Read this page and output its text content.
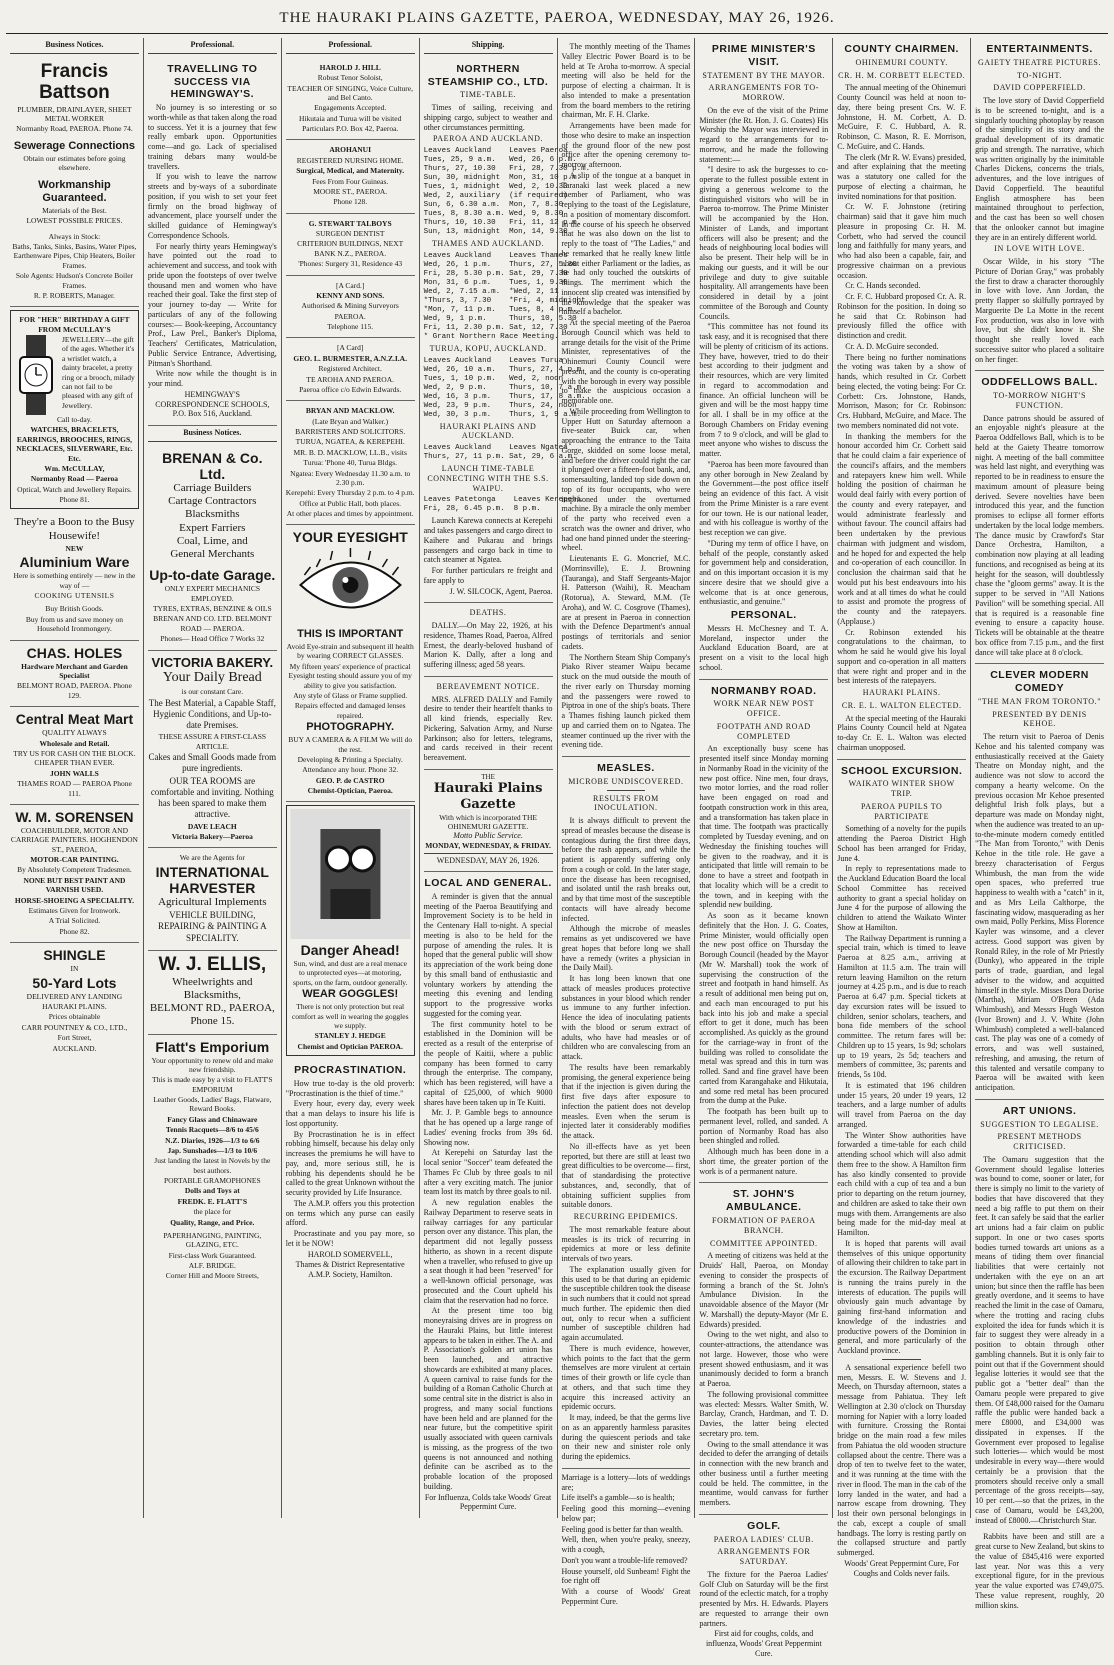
THE HAURAKI PLAINS GAZETTE, PAEROA, WEDNESDAY, MAY 26, 1926.
Business Notices.
Francis Battson

PLUMBER, DRAINLAYER, SHEET METAL WORKER

Normanby Road, PAEROA. Phone 74.

Sewerage Connections

Obtain our estimates before going elsewhere.

Workmanship Guaranteed.

Materials of the Best.

LOWEST POSSIBLE PRICES.

Always in Stock:

Baths, Tanks, Sinks, Basins, Water Pipes, Earthenware Pipes, Chip Heaters, Boiler Frames.

Sole Agents: Hudson's Concrete Boiler Frames.

R. P. ROBERTS, Manager.

FOR "HER" BIRTHDAY A GIFT FROM McCULLAY'S

JEWELLERY—the gift of the ages. Whether it's a wristlet watch, a dainty bracelet, a pretty ring or a brooch, milady can not fail to be pleased with any gift of Jewellery.

Call to-day.

WATCHES, BRACELETS, EARRINGS, BROOCHES, RINGS, NECKLACES, SILVERWARE, Etc. Etc.

Wm. McCULLAY,

Normanby Road — Paeroa

Optical, Watch and Jewellery Repairs.

Phone 81.

They're a Boon to the Busy Housewife!

NEW

Aluminium Ware

Here is something entirely — new in the way of —

COOKING UTENSILS

Buy British Goods.

Buy from us and save money on Household Ironmongery.

CHAS. HOLES

Hardware Merchant and Garden Specialist

BELMONT ROAD, PAEROA. Phone 129.

Central Meat Mart

QUALITY ALWAYS

Wholesale and Retail.

TRY US FOR CASH ON THE BLOCK. CHEAPER THAN EVER.

JOHN WALLS

THAMES ROAD — PAEROA Phone 111.

W. M. SORENSEN

COACHBUILDER, MOTOR AND CARRIAGE PAINTERS. HOGHENDON ST., PAEROA,

MOTOR-CAR PAINTING.

By Absolutely Competent Tradesmen.

NONE BUT BEST PAINT AND VARNISH USED.

HORSE-SHOEING A SPECIALITY.

Estimates Given for Ironwork.

A Trial Solicited.

Phone 82.

SHINGLE

IN

50-Yard Lots

DELIVERED ANY LANDING

HAURAKI PLAINS.

Prices obtainable

CARR POUNTNEY & CO., LTD.,

Fort Street,

AUCKLAND.

Professional.
TRAVELLING TO SUCCESS VIA HEMINGWAY'S.

No journey is so interesting or so worth-while as that taken along the road to success. Yet it is a journey that few really embark upon. Opportunities come—and go. Lack of specialised training debars many would-be travellers.

If you wish to leave the narrow streets and by-ways of a subordinate position, if you wish to set your feet firmly on the broad highway of advancement, place yourself under the skilled guidance of Hemingway's Correspondence Schools.

For nearly thirty years Hemingway's have pointed out the road to achievement and success, and took with pride upon the footsteps of over twelve thousand men and women who have reached their goal. Take the first step of your journey to-day — Write for particulars of any of the following courses:— Book-keeping, Accountancy Prof., Law Prel., Banker's Diploma, Teachers' Certificates, Matriculation, Public Service Entrance, Advertising, Pitman's Shorthand.

Write now while the thought is in your mind.

HEMINGWAY'S CORRESPONDENCE SCHOOLS, P.O. Box 516, Auckland.

Business Notices.
BRENAN & Co. Ltd.
Carriage Builders
Cartage Contractors
Blacksmiths
Expert Farriers
Coal, Lime, and
General Merchants
Up-to-date Garage.

ONLY EXPERT MECHANICS EMPLOYED.

TYRES, EXTRAS, BENZINE & OILS

BRENAN AND CO. LTD. BELMONT ROAD — PAEROA.

Phones— Head Office 7 Works 32

VICTORIA BAKERY.
Your Daily Bread

is our constant Care.

The Best Material, a Capable Staff, Hygienic Conditions, and Up-to-date Premises.

THESE ASSURE A FIRST-CLASS ARTICLE.

Cakes and Small Goods made from pure ingredients.

OUR TEA ROOMS are comfortable and inviting. Nothing has been spared to make them attractive.

DAVE LEACH

Victoria Bakery—Paeroa

We are the Agents for

INTERNATIONAL HARVESTER
Agricultural Implements

VEHICLE BUILDING, REPAIRING & PAINTING A SPECIALITY.

W. J. ELLIS,
Wheelwrights and Blacksmiths,
BELMONT RD., PAEROA,
Phone 15.
Flatt's Emporium

Your opportunity to renew old and make new friendship.

This is made easy by a visit to FLATT'S EMPORIUM

Leather Goods, Ladies' Bags, Flatware, Reward Books.

Fancy Glass and Chinaware

Tennis Racquets—8/6 to 45/6

N.Z. Diaries, 1926—1/3 to 6/6

Jap. Sunshades—1/3 to 10/6

Just landing the latest in Novels by the best authors.

PORTABLE GRAMOPHONES

Dolls and Toys at

FREDK. E. FLATT'S

the place for

Quality, Range, and Price.

PAPERHANGING, PAINTING, GLAZING, ETC.

First-class Work Guaranteed.

ALF. BRIDGE.

Corner Hill and Moore Streets,

Professional.

HAROLD J. HILL

Robust Tenor Soloist,

TEACHER OF SINGING, Voice Culture, and Bel Canto.

Engagements Accepted.

Hikutaia and Turua will be visited

Particulars P.O. Box 42, Paeroa.

AROHANUI

REGISTERED NURSING HOME.

Surgical, Medical, and Maternity.

Fees From Four Guineas.

MOORE ST., PAEROA.

Phone 128.

G. STEWART TALBOYS

SURGEON DENTIST

CRITERION BUILDINGS, NEXT BANK N.Z., PAEROA.

'Phones: Surgery 31, Residence 43

[A Card.]

KENNY AND SONS.

Authorised & Mining Surveyors

PAEROA.

Telephone 115.

[A Card]

GEO. L. BURMESTER, A.N.Z.I.A.

Registered Architect.

TE AROHA AND PAEROA.

Paeroa office c/o Edwin Edwards.

BRYAN AND MACKLOW.

(Late Bryan and Walker.)

BARRISTERS AND SOLICITORS.

TURUA, NGATEA, & KEREPEHI.

MR. B. D. MACKLOW, LL.B., visits

Turua: 'Phone 40, Turua Bldgs.

Ngatea: Every Wednesday 11.30 a.m. to 2.30 p.m.

Kerepehi: Every Thursday 2 p.m. to 4 p.m.

Office at Public Hall, both places.

At other places and times by appointment.

YOUR EYESIGHT
THIS IS IMPORTANT

Avoid Eye-strain and subsequent ill health by wearing CORRECT GLASSES.

My fifteen years' experience of practical Eyesight testing should assure you of my ability to give you satisfaction.

Any style of Glass or Frame supplied.

Repairs effected and damaged lenses repaired.

PHOTOGRAPHY.

BUY A CAMERA & A FILM We will do the rest.

Developing & Printing a Specialty.

Attendance any hour. Phone 32.

GEO. P. de CASTRO

Chemist-Optician, Paeroa.

Danger Ahead!

Sun, wind, and dust are a real menace to unprotected eyes—at motoring, sports, on the farm, outdoor generally.

WEAR GOGGLES!

There is not only protection but real comfort as well in wearing the goggles we supply.

STANLEY J. HEDGE

Chemist and Optician PAEROA.

PROCRASTINATION.

How true to-day is the old proverb: "Procrastination is the thief of time."

Every hour, every day, every week that a man delays to insure his life is lost opportunity.

By Procrastination he is in effect robbing himself, because his delay only increases the premiums he will have to pay, and, more serious still, he is robbing his dependents should he be called to the great Unknown without the security provided by Life Insurance.

The A.M.P. offers you this protection on terms which any purse can easily afford.

Procrastinate and you pay more, so let it be NOW!

HAROLD SOMERVELL,

Thames & District Representative A.M.P. Society, Hamilton.

Shipping.
NORTHERN STEAMSHIP CO., LTD.
TIME-TABLE.

Times of sailing, receiving and shipping cargo, subject to weather and other circumstances permitting.

PAEROA AND AUCKLAND.
Leaves Auckland    Leaves Paeroa
Tues, 25, 9 a.m.   Wed, 26, 6 p.m.
Thurs, 27, 10.30   Fri, 28, 7.30 p.m.
Sun, 30, midnight  Mon, 31, 10 p.m.
Tues, 1, midnight  Wed, 2, 10.30
Wed, 2, auxiliary  (if required)
Sun, 6, 6.30 a.m.  Mon, 7, 8.30
Tues, 8, 8.30 a.m. Wed, 9, 8.30
Thurs, 10, 10.30   Fri, 11, 12 p.m.
Sun, 13, midnight  Mon, 14, 9.30
THAMES AND AUCKLAND.
Leaves Auckland    Leaves Thames
Wed, 26, 1 p.m.    Thurs, 27, 5.30
Fri, 28, 5.30 p.m. Sat, 29, 7.30
Mon, 31, 6 p.m.    Tues, 1, 9.30
Wed, 2, 7.15 a.m.  *Wed, 2, 11
*Thurs, 3, 7.30    *Fri, 4, midnight
*Mon, 7, 11 p.m.   Tues, 8, 4 p.m.
Wed, 9, 1 p.m.     Thurs, 10, 5.30
Fri, 11, 2.30 p.m. Sat, 12, 7.30
* Grant Northern Race Meeting.
TURUA, KOPU, AUCKLAND.
Leaves Auckland    Leaves Turua
Wed, 26, 10 a.m.   Thurs, 27, 4 p.m.
Tues, 1, 10 p.m.   Wed, 2, noon
Wed, 2, 9 p.m.     Thurs, 10, 7 a.m.
Wed, 16, 3 p.m.    Thurs, 17, 8 a.m.
Wed, 23, 9 p.m.    Thurs, 24, noon
Wed, 30, 3 p.m.    Thurs, 1, 9 a.m.
HAURAKI PLAINS AND AUCKLAND.
Leaves Auckland    Leaves Ngatea
Thurs, 27, 11 p.m. Sat, 29, 6 a.m.
LAUNCH TIME-TABLE CONNECTING WITH THE S.S. WAIPU.
Leaves Patetonga    Leaves Kerepehi
Fri, 28, 6.45 p.m.  8 p.m.

Launch Karewa connects at Kerepehi and takes passengers and cargo direct to Kaihere and Pukarau and brings passengers and cargo back in time to catch steamer at Ngatea.

For further particulars re freight and fare apply to

J. W. SILCOCK, Agent, Paeroa.

DEATHS.

DALLY.—On May 22, 1926, at his residence, Thames Road, Paeroa, Alfred Ernest, the dearly-beloved husband of Marion K. Dally, after a long and suffering illness; aged 58 years.

BEREAVEMENT NOTICE.

MRS. ALFRED DALLY and Family desire to tender their heartfelt thanks to all kind friends, especially Rev. Pickering, Salvation Army, and Nurse Parkinson; also for letters, telegrams, and cards received in their recent bereavement.

THE
Hauraki Plains Gazette
With which is incorporated THE OHINEMURI GAZETTE.
Motto Public Service.
MONDAY, WEDNESDAY, & FRIDAY.
WEDNESDAY, MAY 26, 1926.
LOCAL AND GENERAL.

A reminder is given that the annual meeting of the Paeroa Beautifying and Improvement Society is to be held in the Centenary Hall to-night. A special meeting is also to be held for the purpose of amending the rules. It is hoped that the general public will show its appreciation of the work being done by this small band of enthusiastic and voluntary workers by attending the meeting this evening and lending support to the progressive works suggested for the coming year.

The first community hotel to be established in the Dominion will be erected as a result of the enterprise of the people of Kaitii, where a public company has been formed to carry through the enterprise. The company, which has been registered, will have a capital of £25,000, of which 9000 shares have been taken up in Te Kuiti.

Mr. J. P. Gamble begs to announce that he has opened up a large range of Ladies' evening frocks from 39s 6d. Showing now.

At Kerepehi on Saturday last the local senior "Soccer" team defeated the Thames Fc Club by three goals to nil after a very exciting match. The junior team lost its match by three goals to nil.

A new regulation enables the Railway Department to reserve seats in railway carriages for any particular person over any distance. This plan, the department did not legally possess hitherto, as shown in a recent dispute when a traveller, who refused to give up a seat though it had been "reserved" for a well-known official personage, was prosecuted and the Court upheld his claim that the reservation had no force.

At the present time too big moneyraising drives are in progress on the Hauraki Plains, but little interest appears to be taken in either. The A. and P. Association's golden art union has been launched, and attractive showcards are exhibited at many places. A queen carnival to raise funds for the building of a Roman Catholic Church at some central site in the district is also in progress, and many social functions have been held and are planned for the near future, but the competitive spirit usually associated with queen carnivals is missing, as the progress of the two queens is not announced and nothing definite can be ascribed as to the probable location of the proposed building.

For Influenza, Colds take Woods' Great Peppermint Cure.

The monthly meeting of the Thames Valley Electric Power Board is to be held at Te Aroha to-morrow. A special meeting will also be held for the purpose of electing a chairman. It is also intended to make a presentation from the board members to the retiring chairman, Mr. F. H. Clarke.

Arrangements have been made for those who desire to make an inspection of the ground floor of the new post office after the opening ceremony to-morrow afternoon.

A slip of the tongue at a banquet in Taranaki last week placed a new member of Parliament, who was replying to the toast of the Legislature, in a position of momentary discomfort. In the course of his speech he observed that he was also down on the list to reply to the toast of "The Ladies," and he remarked that he really knew little about either Parliament or the ladies, as he had only touched the outskirts of things. The merriment which the innocent slip created was intensified by the knowledge that the speaker was himself a bachelor.

At the special meeting of the Paeroa Borough Council which was held to arrange details for the visit of the Prime Minister, representatives of the Ohinemuri County Council were present, and the county is co-operating with the borough in every way possible to make the auspicious occasion a memorable one.

While proceeding from Wellington to Upper Hutt on Saturday afternoon a five-seater Buick car, when approaching the entrance to the Taita Gorge, skidded on some loose metal, and before the driver could right the car it plunged over a fifteen-foot bank, and, somersaulting, landed top side down on top of its four occupants, who were imprisoned under the overturned machine. By a miracle the only member of the party who received even a scratch was the owner and driver, who had one hand pinned under the steering-wheel.

Lieutenants E. G. Moncrief, M.C. (Morrinsville), E. J. Browning (Tauranga), and Staff Sergeants-Major H. Patterson (Waihi), R. Meacham (Rotorua), A. Steward, M.M. (Te Aroha), and W. C. Cosgrove (Thames), are at present in Paeroa in connection with the Defence Department's annual postings of territorials and senior cadets.

The Northern Steam Ship Company's Piako River steamer Waipu became stuck on the mud outside the mouth of the river early on Thursday morning and the passengers were rowed to Piptroa in one of the ship's boats. There a Thames fishing launch picked them up and carried them on to Ngatea. The steamer continued up the river with the evening tide.

MEASLES.
MICROBE UNDISCOVERED.
RESULTS FROM INOCULATION.

It is always difficult to prevent the spread of measles because the disease is contagious during the first three days, before the rash appears, and while the patient is apparently suffering only from a cough or cold. In the later stage, once the disease has been recognised, and isolated until the rash breaks out, and by that time most of the susceptible contacts will have already become infected.

Although the microbe of measles remains as yet undiscovered we have great hopes that before long we shall have a remedy (writes a physician in the Daily Mail).

It has long been known that one attack of measles produces protective substances in your blood which render us immune to any further infection. Hence the idea of inoculating patients with the blood or serum extract of adults, who have had measles or of children who are convalescing from an attack.

The results have been remarkably promising, the general experience being that if the injection is given during the first five days after exposure to infection the patient does not develop measles. Even when the serum is injected later it considerably modifies the attack.

No ill-effects have as yet been reported, but there are still at least two great difficulties to be overcome— first, that of standardising the protective substances, and, secondly, that of obtaining sufficient supplies from suitable donors.

RECURRING EPIDEMICS.

The most remarkable feature about measles is its trick of recurring in epidemics at more or less definite intervals of two years.

The explanation usually given for this used to be that during an epidemic the susceptible children took the disease in such numbers that it could not spread much further. The epidemic then died out, only to recur when a sufficient number of susceptible children had again accumulated.

There is much evidence, however, which points to the fact that the germ themselves are more virulent at certain times of their growth or life cycle than at others, and that such time they acquire this increased activity an epidemic occurs.

It may, indeed, be that the germs live on as an apparently harmless parasites during the quiescent periods and take on their new and sinister role only during the epidemics.

Marriage is a lottery—lots of weddings are;

Life itself's a gamble—so is health;

Feeling good this morning—evening below par;

Feeling good is better far than wealth.

Well, then, when you're peaky, sneezy, with a cough,

Don't you want a trouble-life removed?

House yourself, old Sunbeam! Fight the foe right off

With a course of Woods' Great Peppermint Cure.

PRIME MINISTER'S VISIT.
STATEMENT BY THE MAYOR.
ARRANGEMENTS FOR TO-MORROW.

On the eve of the visit of the Prime Minister (the Rt. Hon. J. G. Coates) His Worship the Mayor was interviewed in regard to the arrangements for to-morrow, and he made the following statement:—

"I desire to ask the burgesses to co-operate to the fullest possible extent in giving a generous welcome to the distinguished visitors who will be in Paeroa to-morrow. The Prime Minister will be accompanied by the Hon. Minister of Lands, and important officers will also be present; and the heads of neighbouring local bodies will also be present. Their help will be in making our guests, and it will be our privilege and duty to give suitable hospitality. All arrangements have been considered in detail by a joint committee of the Borough and County Councils.

"This committee has not found its task easy, and it is recognised that there will be plenty of criticism of its actions. They have, however, tried to do their best according to their judgment and their resources, which are very limited in regard to accommodation and finance. An official luncheon will be given and will be the most happy time for all. I shall be in my office at the Borough Chambers on Friday evening from 7 to 9 o'clock, and will be glad to meet anyone who wishes to discuss the matter.

"Paeroa has been more favoured than any other borough in New Zealand by the Government—the post office itself being an evidence of this fact. A visit from the Prime Minister is a rare event for our town. He is our national leader, and with his colleague is worthy of the best reception we can give.

"During my term of office I have, on behalf of the people, constantly asked for government help and consideration, and on this important occasion it is my sincere desire that we should give a welcome that is at once generous, enthusiastic, and genuine."

PERSONAL.

Messrs H. McChesney and T. A. Moreland, inspector under the Auckland Education Board, are at present on a visit to the local high school.

NORMANBY ROAD.
WORK NEAR NEW POST OFFICE.
FOOTPATH AND ROAD COMPLETED

An exceptionally busy scene has presented itself since Monday morning in Normanby Road in the vicinity of the new post office. Nine men, four drays, two motor lorries, and the road roller have been engaged on road and footpath construction work in this area, and a transformation has taken place in that time. The footpath was practically completed by Tuesday evening, and on Wednesday the finishing touches will be given to the roadway, and it is anticipated that little will remain to be done to have a street and footpath in that locality which will be a credit to the town, and in keeping with the splendid new building.

As soon as it became known definitely that the Hon. J. G. Coates, Prime Minister, would officially open the new post office on Thursday the Borough Council (headed by the Mayor (Mr W. Marshall) took the work of supervising the construction of the street and footpath in hand himself. As a result of additional men being put on, and each man encouraged to put his back into his job and make a special effort to get it done, much has been accomplished. As quickly as the ground for the carriage-way in front of the building was rolled to consolidate the metal was spread and this in turn was rolled. Sand and fine gravel have been carted from Karangahake and Hikutaia, and some red metal has been procured from the dump at the Puke.

The footpath has been built up to permanent level, rolled, and sanded. A portion of Normanby Road has also been shingled and rolled.

Although much has been done in a short time, the greater portion of the work is of a permanent nature.

ST. JOHN'S AMBULANCE.
FORMATION OF PAEROA BRANCH.
COMMITTEE APPOINTED.

A meeting of citizens was held at the Druids' Hall, Paeroa, on Monday evening to consider the prospects of forming a branch of the St. John's Ambulance Division. In the unavoidable absence of the Mayor (Mr W. Marshall) the deputy-Mayor (Mr E. Edwards) presided.

Owing to the wet night, and also to counter-attractions, the attendance was not large. However, those who were present showed enthusiasm, and it was unanimously decided to form a branch at Paeroa.

The following provisional committee was elected: Messrs. Walter Smith, W. Barclay, Cranch, Hardman, and T. D. Davies, the latter being elected secretary pro. tem.

Owing to the small attendance it was decided to defer the arranging of details in connection with the new branch and other business until a further meeting could be held. The committee, in the meantime, would canvass for further members.

GOLF.
PAEROA LADIES' CLUB.
ARRANGEMENTS FOR SATURDAY.

The fixture for the Paeroa Ladies' Golf Club on Saturday will be the first round of the eclectic match, for a trophy presented by Mrs. H. Edwards. Players are requested to arrange their own partners.

First aid for coughs, colds, and influenza, Woods' Great Peppermint Cure.

COUNTY CHAIRMEN.
OHINEMURI COUNTY.
CR. H. M. CORBETT ELECTED.

The annual meeting of the Ohinemuri County Council was held at noon to-day, there being present Crs. W. F. Johnstone, H. M. Corbett, A. D. McGuire, F. C. Hubbard, A. R. Robinson, C. Mason, R. E. Morrison, C. McGuire, and C. Hands.

The clerk (Mr R. W. Evans) presided, and after explaining that the meeting was a statutory one called for the purpose of electing a chairman, he invited nominations for that position.

Cr. W. F. Johnstone (retiring chairman) said that it gave him much pleasure in proposing Cr. H. M. Corbett, who had served the council long and faithfully for many years, and who had also been a capable, fair, and progressive chairman on a previous occasion.

Cr. C. Hands seconded.

Cr. F. C. Hubbard proposed Cr. A. R. Robinson for the position. In doing so he said that Cr. Robinson had previously filled the office with distinction and credit.

Cr. A. D. McGuire seconded.

There being no further nominations the voting was taken by a show of hands, which resulted in Cr. Corbett being elected, the voting being: For Cr. Corbett: Crs. Johnstone, Hands, Morrison, Mason; for Cr. Robinson: Crs. Hubbard, McGuire, and Mace. The two members nominated did not vote.

In thanking the members for the honour accorded him Cr. Corbett said that he could claim a fair experience of the council's affairs, and the members and ratepayers knew him well. While holding the position of chairman he would deal fairly with every portion of the county and every ratepayer, and would administrate fearlessly and without favour. The council affairs had been undertaken by the previous chairman with judgment and wisdom, and he hoped for and expected the help and co-operation of each councillor. In conclusion the chairman said that he would put his best endeavours into his work and at all times do what he could to assist and promote the progress of the county and the ratepayers. (Applause.)

Cr. Robinson extended his congratulations to the chairman, to whom he said he would give his loyal support and co-operation in all matters that were right and proper and in the best interests of the ratepayers.

HAURAKI PLAINS.
CR. E. L. WALTON ELECTED.

At the special meeting of the Hauraki Plains County Council held at Ngatea to-day Cr. E. L. Walton was elected chairman unopposed.

SCHOOL EXCURSION.
WAIKATO WINTER SHOW TRIP.
PAEROA PUPILS TO PARTICIPATE

Something of a novelty for the pupils attending the Paeroa District High School has been arranged for Friday, June 4.

In reply to representations made to the Auckland Education Board the local School Committee has received authority to grant a special holiday on June 4 for the purpose of allowing the children to attend the Waikato Winter Show at Hamilton.

The Railway Department is running a special train, which is timed to leave Paeroa at 8.25 a.m., arriving at Hamilton at 11.5 a.m. The train will return leaving Hamilton on the return journey at 4.25 p.m., and is due to reach Paeroa at 6.47 p.m. Special tickets at day excursion rates will be issued to children, senior scholars, teachers, and bona fide members of the school committee. The return fares will be: Children up to 15 years, 1s 9d; scholars up to 19 years, 2s 5d; teachers and members of committee, 3s; parents and friends, 5s 10d.

It is estimated that 196 children under 15 years, 20 under 19 years, 12 teachers, and a large number of adults will travel from Paeroa on the day arranged.

The Winter Show authorities have forwarded a time-table for each child attending school which will also admit them free to the show. A Hamilton firm has also kindly consented to provide each child with a cup of tea and a bun prior to departing on the return journey, and children are asked to take their own mugs with them. Arrangements are also being made for the mid-day meal at Hamilton.

It is hoped that parents will avail themselves of this unique opportunity of allowing their children to take part in the excursion. The Railway Department is running the trains purely in the interests of education. The pupils will obviously gain much advantage by gaining first-hand information and knowledge of the industries and productive powers of the Dominion in general, and more particularly of the Auckland province.

A sensational experience befell two men, Messrs. E. W. Stevens and J. Meech, on Thursday afternoon, states a message from Pahiatua. They left Wellington at 2.30 o'clock on Thursday morning for Napier with a lorry loaded with furniture. Crossing the Rontai bridge on the main road a few miles from Pahiatua the old wooden structure collapsed about the centre. There was a drop of ten to twelve feet to the water, and it was running at the time with the river in flood. The man in the cab of the lorry landed in the water, and had a narrow escape from drowning. They lost their own personal belongings in the cab, except a couple of small handbags. The lorry is resting partly on the collapsed structure and partly submerged.

Woods' Great Peppermint Cure, For Coughs and Colds never fails.

ENTERTAINMENTS.
GAIETY THEATRE PICTURES.
TO-NIGHT.
DAVID COPPERFIELD.

The love story of David Copperfield is to be screened to-night, and is a singularly touching photoplay by reason of the simplicity of its story and the gradual development of its dramatic grip and strength. The narrative, which was written originally by the inimitable Charles Dickens, concerns the trials, adventures, and the love intrigues of David Copperfield. The beautiful English atmosphere has been maintained throughout to perfection, and the cast has been so well chosen that the onlooker cannot but imagine they are in an entirely different world.

IN LOVE WITH LOVE.

Oscar Wilde, in his story "The Picture of Dorian Gray," was probably the first to draw a character thoroughly in love with love. Ann Jordan, the pretty flapper so skilfully portrayed by Marguerite De La Motte in the recent Fox production, was also in love with love, but she didn't know it. She thought she really loved each successive suitor who placed a solitaire on her finger.

ODDFELLOWS BALL.
TO-MORROW NIGHT'S FUNCTION.

Dance patrons should be assured of an enjoyable night's pleasure at the Paeroa Oddfellows Ball, which is to be held at the Gaiety Theatre tomorrow night. A meeting of the ball committee was held last night, and everything was reported to be in readiness to ensure the maximum amount of pleasure being derived. Severe novelties have been introduced this year, and the function promises to eclipse all former efforts undertaken by the local lodge members. The dance music by Crawford's Star Dance Orchestra, Hamilton, a combination now playing at all leading functions, and recognised as being at its height for the season, will doubtlessly chase the "gloom germs" away. It is the supper to be served in "All Nations Pavilion" will be something special. All that is required is a reasonable fine evening to ensure a capacity house. Tickets will be obtainable at the theatre box office from 7.15 p.m., and the first dance will take place at 8 o'clock.

CLEVER MODERN COMEDY
"THE MAN FROM TORONTO."
PRESENTED BY DENIS KEHOE.

The return visit to Paeroa of Denis Kehoe and his talented company was enthusiastically received at the Gaiety Theatre on Monday night, and the audience was not slow to accord the company a hearty welcome. On the previous occasion Mr Kehoe presented delightful Irish folk plays, but a departure was made on Monday night, when the audience was treated to an up-to-the-minute modern comedy entitled "The Man from Toronto," with Denis Kehoe in the title role. He gave a breezy characterisation of Fergus Whimbush, the man from the wide open spaces, who preferred true happiness to wealth with a "catch" in it, and as Mrs Leila Calthorpe, the fascinating widow, masquerading as her own maid, Polly Perkins, Miss Florence Kayler was winsome, and a clever actress. Good support was given by Ronald Riley, in the role of Mr Priestly (Dunky), who appeared in the triple parts of trade, guardian, and legal adviser to the widow, and acquitted himself in the style. Misses Dora Dorise (Martha), Miriam O'Breen (Ada Whimbush), and Messrs Hugh Weston (Ivor Brown) and J. V. White (John Whimbush) completed a well-balanced cast. The play was one of a comedy of errors, and was well sustained, refreshing, and amusing, the return of this talented and versatile company to Paeroa will be awaited with keen anticipation.

ART UNIONS.
SUGGESTION TO LEGALISE.
PRESENT METHODS CRITICISED.

The Oamaru suggestion that the Government should legalise lotteries was bound to come, sooner or later, for there is simply no limit to the variety of bodies that have discovered that they need a big raffle to put them on their feet. It can safely be said that the earlier art unions had a fair claim on public support. In one or two cases sports bodies turned towards art unions as a means of tiding them over financial liabilities that were certainly not undertaken with the eye on an art union; but since then the raffle has been greatly overdone, and it seems to have reached the limit in the case of Oamaru, where the trotting and racing clubs exploited the idea for funds which it is fair to suggest they were already in a position to obtain through other gambling channels. But it is only fair to point out that if the Government should legalise lotteries it would see that the public got a "better deal" than the Oamaru people were prepared to give them. Of £48,000 raised for the Oamaru raffle the public were handed back a mere £8000, and £34,000 was dissipated in expenses. If the Government ever proposed to legalise such lotteries— which would be most undesirable in every way—there would certainly be a provision that the promoters should receive only a small percentage of the gross receipts—say, 10 per cent.—so that the prizes, in the case of Oamaru, would be £43,200, instead of £8000.—Christchurch Star.

Rabbits have been and still are a great curse to New Zealand, but skins to the value of £845,416 were exported last year. Nor was this a very exceptional figure, for in the previous year the value exported was £749,075. These value represent, roughly, 20 million skins.
